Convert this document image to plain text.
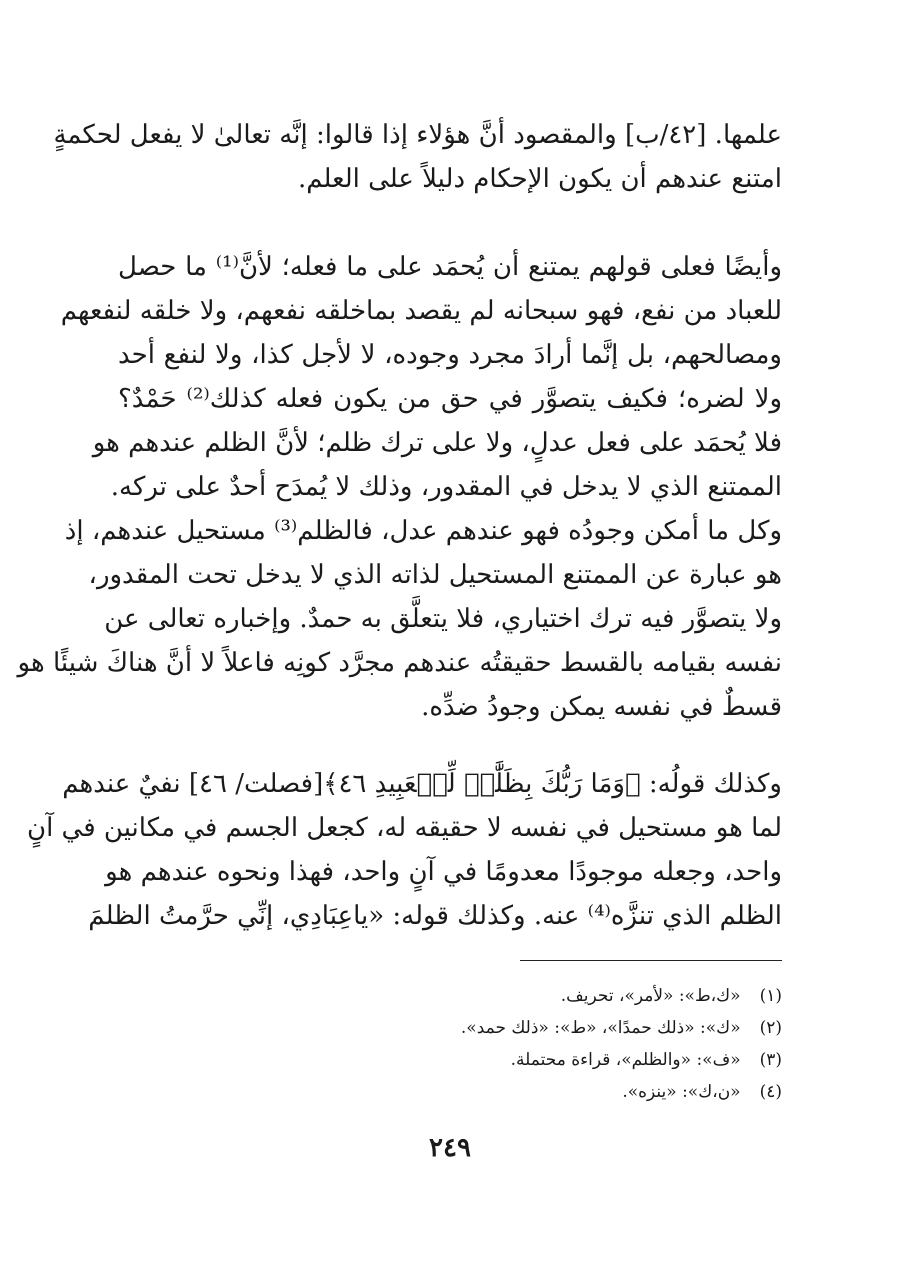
علمها. [٤٢/ب] والمقصود أنَّ هؤلاء إذا قالوا: إنَّه تعالىٰ لا يفعل لحكمةٍ
امتنع عندهم أن يكون الإحكام دليلاً على العلم.
وأيضًا فعلى قولهم يمتنع أن يُحمَد على ما فعله؛ لأنَّ⁽¹⁾ ما حصل
للعباد من نفع، فهو سبحانه لم يقصد بماخلقه نفعهم، ولا خلقه لنفعهم
ومصالحهم، بل إنَّما أرادَ مجرد وجوده، لا لأجل كذا، ولا لنفع أحد
ولا لضره؛ فكيف يتصوَّر في حق من يكون فعله كذلك⁽²⁾ حَمْدٌ؟
فلا يُحمَد على فعل عدلٍ، ولا على ترك ظلم؛ لأنَّ الظلم عندهم هو
الممتنع الذي لا يدخل في المقدور، وذلك لا يُمدَح أحدٌ على تركه.
وكل ما أمكن وجودُه فهو عندهم عدل، فالظلم⁽³⁾ مستحيل عندهم، إذ
هو عبارة عن الممتنع المستحيل لذاته الذي لا يدخل تحت المقدور،
ولا يتصوَّر فيه ترك اختياري، فلا يتعلَّق به حمدٌ. وإخباره تعالى عن
نفسه بقيامه بالقسط حقيقتُه عندهم مجرَّد كونِه فاعلاً لا أنَّ هناكَ شيئًا هو
قسطٌ في نفسه يمكن وجودُ ضدِّه.
وكذلك قولُه: ﴿وَمَا رَبُّكَ بِظَلَّٰمٖ لِّلۡعَبِيدِ ٤٦﴾[فصلت/ ٤٦] نفيٌ عندهم
لما هو مستحيل في نفسه لا حقيقه له، كجعل الجسم في مكانين في آنٍ
واحد، وجعله موجودًا معدومًا في آنٍ واحد، فهذا ونحوه عندهم هو
الظلم الذي تنزَّه⁽⁴⁾ عنه. وكذلك قوله: «ياعِبَادِي، إنِّي حرَّمتُ الظلمَ
(١) «ك،ط»: «لأمر»، تحريف.
(٢) «ك»: «ذلك حمدًا»، «ط»: «ذلك حمد».
(٣) «ف»: «والظلم»، قراءة محتملة.
(٤) «ن،ك»: «ينزه».
٢٤٩
